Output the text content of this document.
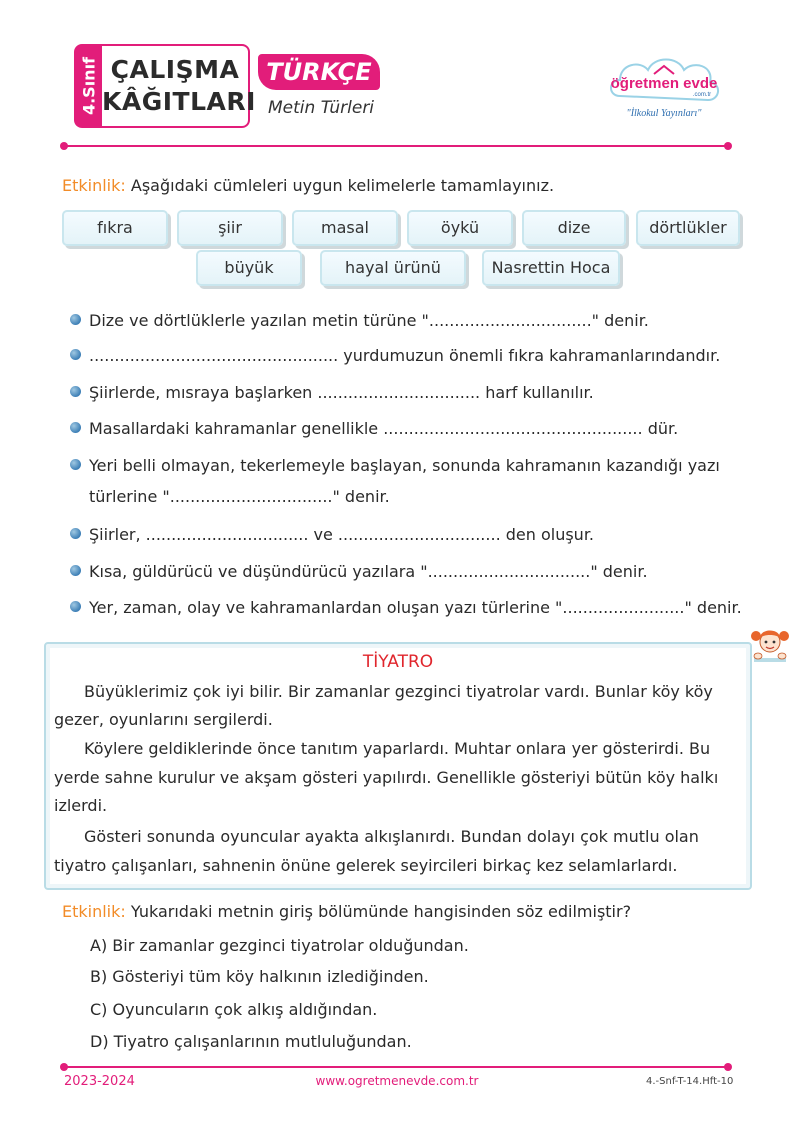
4.Sınıf ÇALIŞMA
KÂĞITLARI
TÜRKÇE
Metin Türleri
öğretmen evde
.com.tr
"İlkokul Yayınları"
Etkinlik: Aşağıdaki cümleleri uygun kelimelerle tamamlayınız.
fıkra	şiir	masal	öykü	dize	dörtlükler
büyük	hayal ürünü	Nasrettin Hoca
Dize ve dörtlüklerle yazılan metin türüne "................................" denir.
................................................. yurdumuzun önemli fıkra kahramanlarındandır.
Şiirlerde, mısraya başlarken ................................ harf kullanılır.
Masallardaki kahramanlar genellikle ................................................... dür.
Yeri belli olmayan, tekerlemeyle başlayan, sonunda kahramanın kazandığı yazı
türlerine "................................" denir.
Şiirler, ................................ ve ................................ den oluşur.
Kısa, güldürücü ve düşündürücü yazılara "................................" denir.
Yer, zaman, olay ve kahramanlardan oluşan yazı türlerine "........................" denir.
TİYATRO
Büyüklerimiz çok iyi bilir. Bir zamanlar gezginci tiyatrolar vardı. Bunlar köy köy
gezer, oyunlarını sergilerdi.
Köylere geldiklerinde önce tanıtım yaparlardı. Muhtar onlara yer gösterirdi. Bu
yerde sahne kurulur ve akşam gösteri yapılırdı. Genellikle gösteriyi bütün köy halkı
izlerdi.
Gösteri sonunda oyuncular ayakta alkışlanırdı. Bundan dolayı çok mutlu olan
tiyatro çalışanları, sahnenin önüne gelerek seyircileri birkaç kez selamlarlardı.
Etkinlik: Yukarıdaki metnin giriş bölümünde hangisinden söz edilmiştir?
A) Bir zamanlar gezginci tiyatrolar olduğundan.
B) Gösteriyi tüm köy halkının izlediğinden.
C) Oyuncuların çok alkış aldığından.
D) Tiyatro çalışanlarının mutluluğundan.
2023-2024	www.ogretmenevde.com.tr	4.-Snf-T-14.Hft-10
